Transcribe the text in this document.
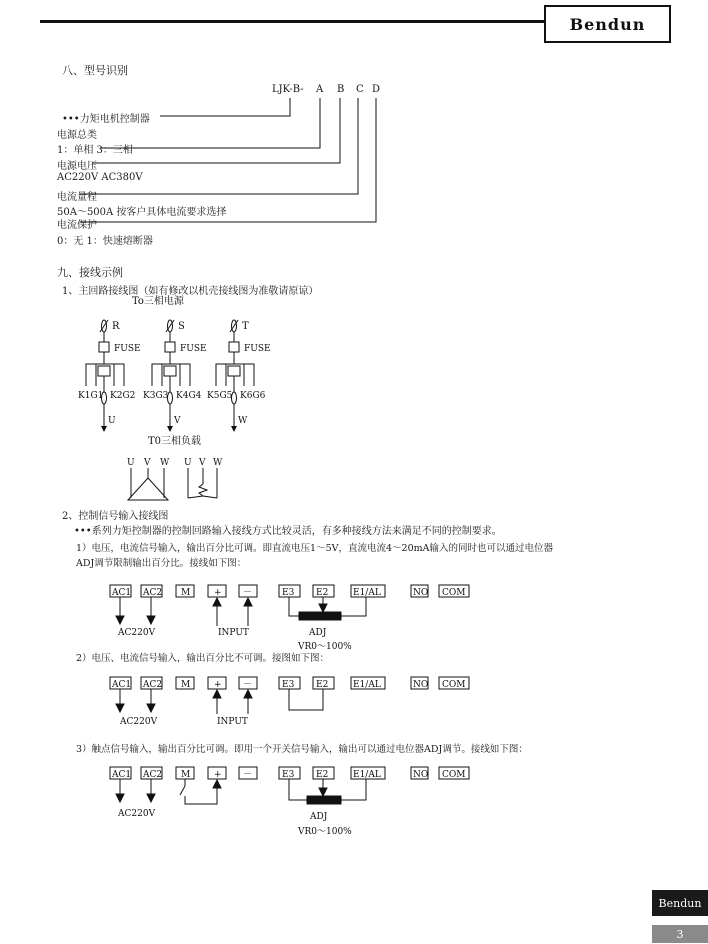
Bendun
八、型号识别
LJK-B- A B C D
•••力矩电机控制器
电源总类
1：单相 3：三相
电源电压
AC220V AC380V
电流量程
50A～500A 按客户具体电流要求选择
电流保护
0：无 1：快速熔断器
九、接线示例
1、主回路接线图（如有修改以机壳接线图为准敬请原谅）
To三相电源
R
FUSE
K1G1 K2G2
U
S
FUSE
K3G3 K4G4
V
T
FUSE
K5G5 K6G6
W
T0三相负载
U V W U V W
2、控制信号输入接线图
•••系列力矩控制器的控制回路输入接线方式比较灵活，有多种接线方法来满足不同的控制要求。
1）电压，电流信号输入，输出百分比可调。即直流电压1～5V，直流电流4～20mA输入的同时也可以通过电位器
ADJ调节限制输出百分比。接线如下图：
AC1 AC2 M	+ －	E3 E2	E1/AL	NO COM
AC220V	INPUT	ADJ
VR0～100%
2）电压、电流信号输入，输出百分比不可调。接图如下图：
AC1 AC2 M	+ －	E3 E2	E1/AL	NO COM
AC220V	INPUT
3）触点信号输入，输出百分比可调。即用一个开关信号输入，输出可以通过电位器ADJ调节。接线如下图：
AC1 AC2 M	+ －	E3 E2	E1/AL	NO COM
AC220V	ADJ
VR0～100%
Bendun
3
